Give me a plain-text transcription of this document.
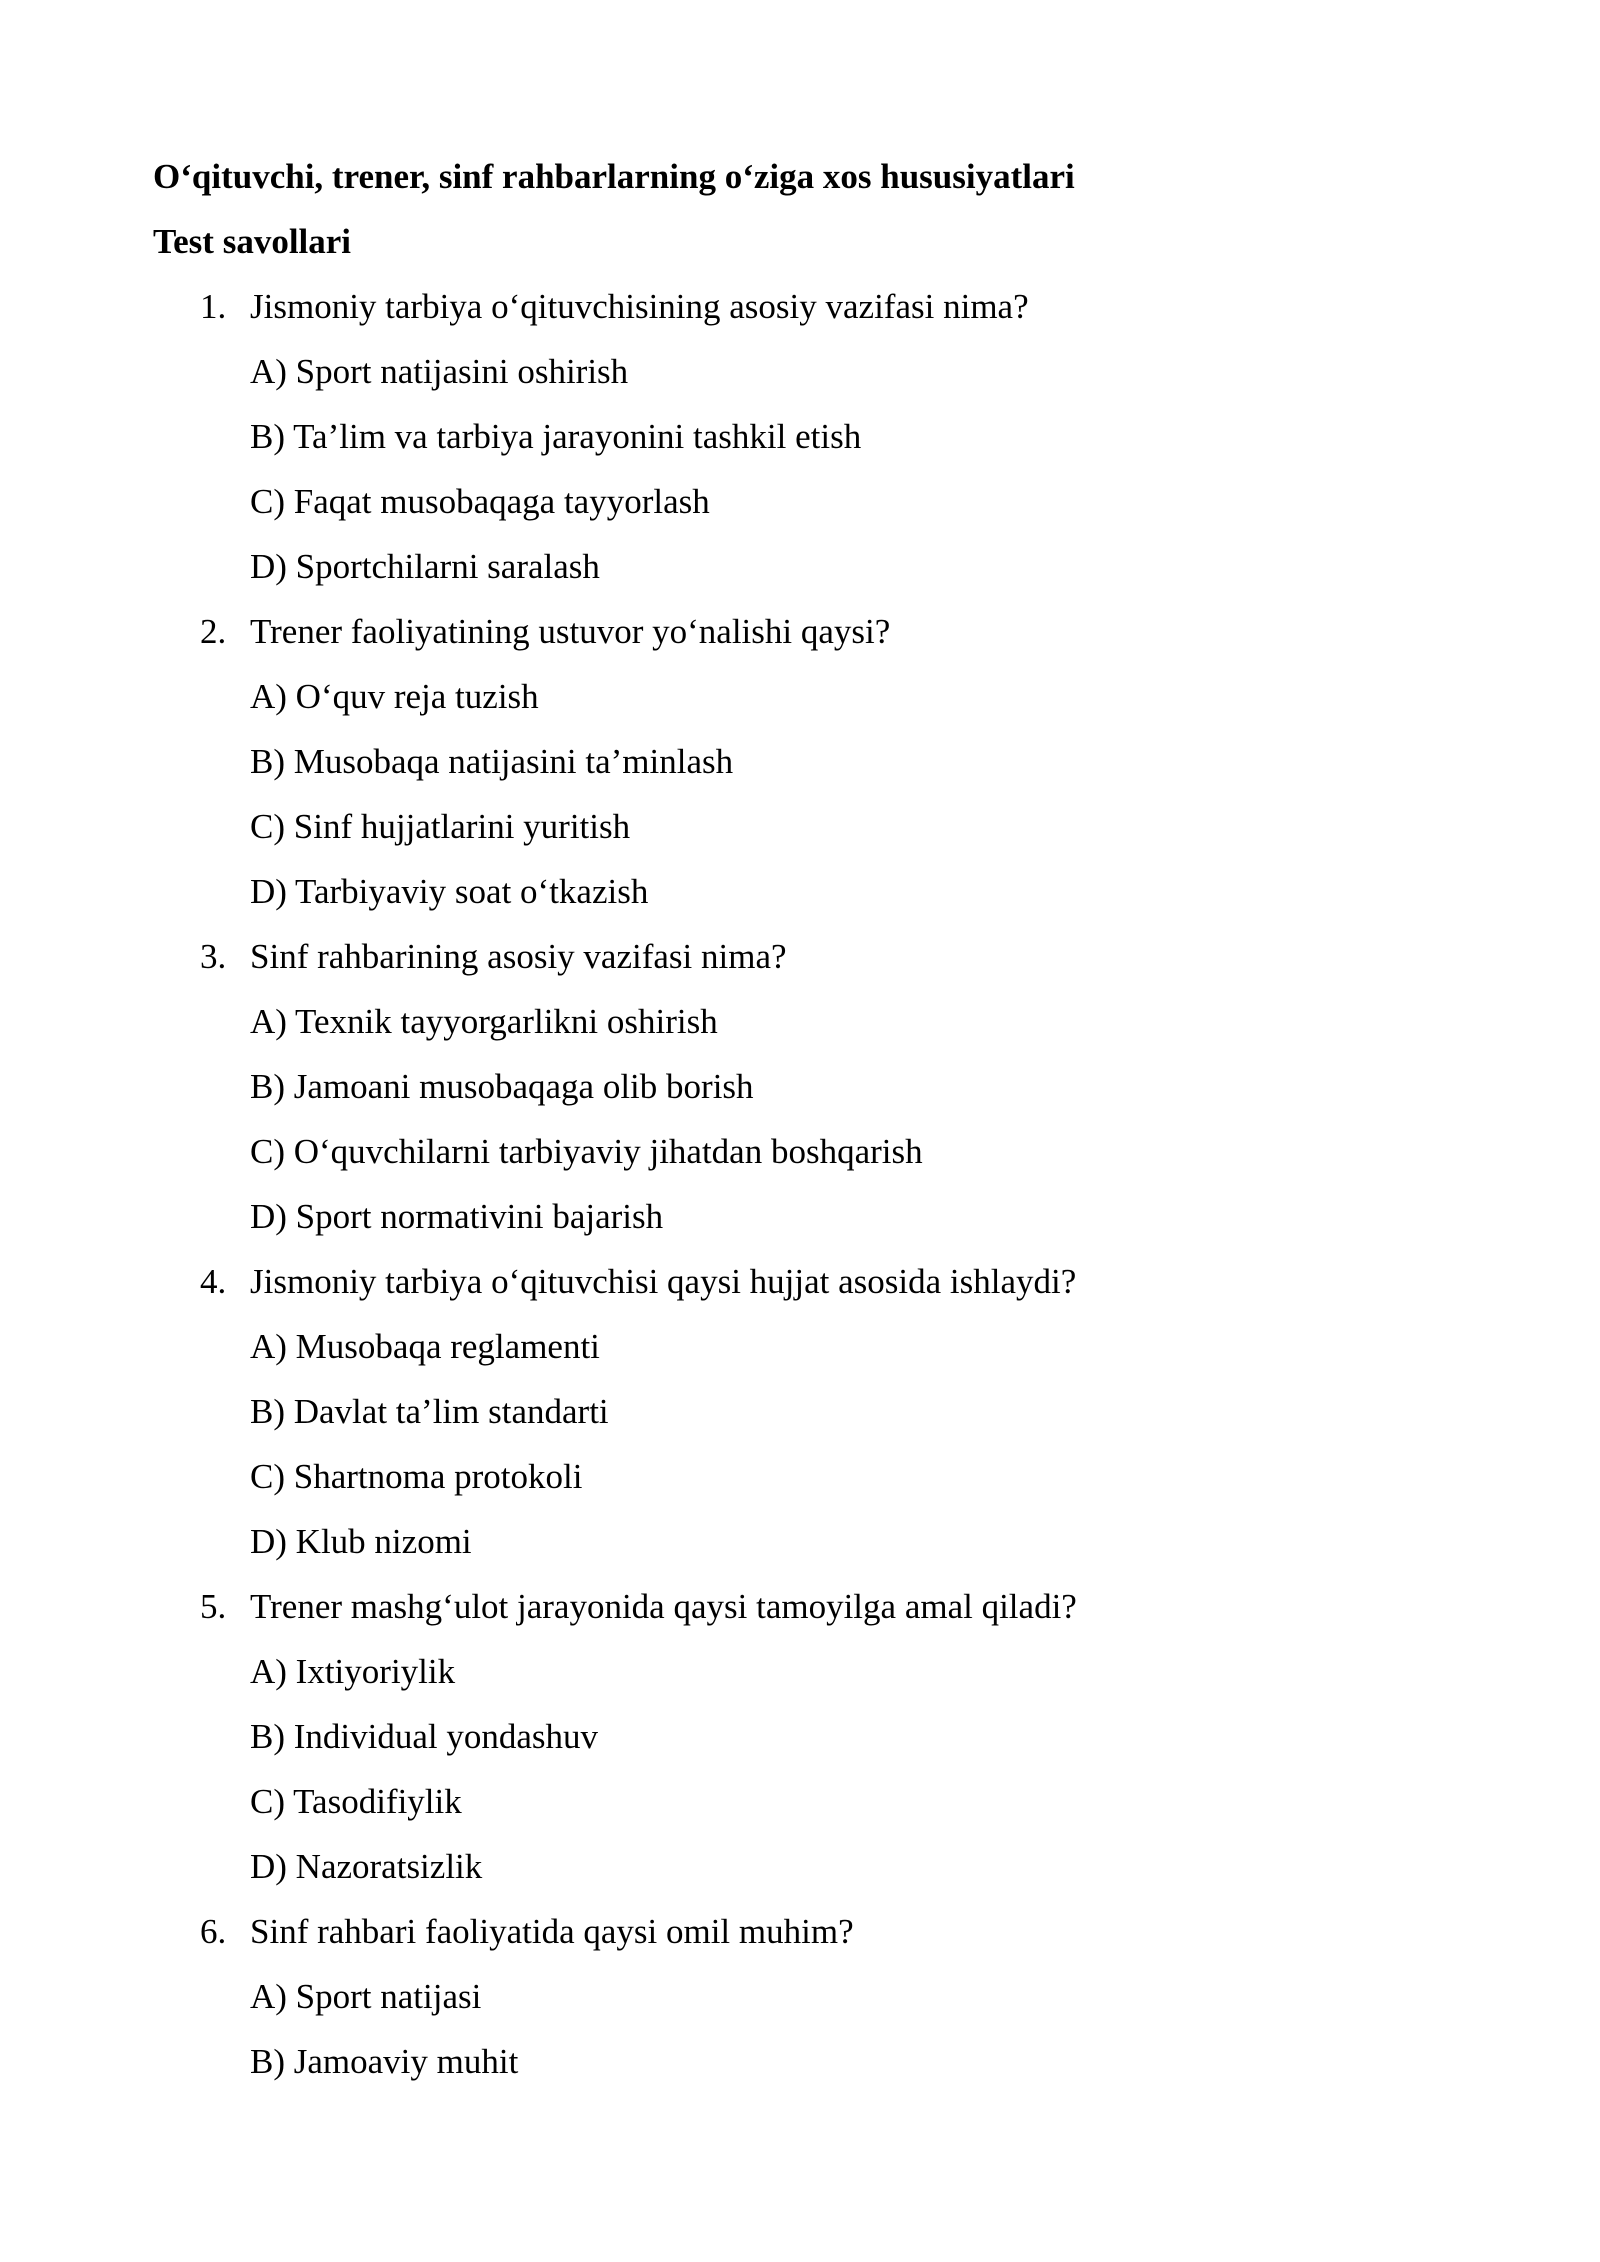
O‘qituvchi, trener, sinf rahbarlarning o‘ziga xos hususiyatlari
Test savollari
1. Jismoniy tarbiya o‘qituvchisining asosiy vazifasi nima?
A) Sport natijasini oshirish
B) Ta’lim va tarbiya jarayonini tashkil etish
C) Faqat musobaqaga tayyorlash
D) Sportchilarni saralash
2. Trener faoliyatining ustuvor yo‘nalishi qaysi?
A) O‘quv reja tuzish
B) Musobaqa natijasini ta’minlash
C) Sinf hujjatlarini yuritish
D) Tarbiyaviy soat o‘tkazish
3. Sinf rahbarining asosiy vazifasi nima?
A) Texnik tayyorgarlikni oshirish
B) Jamoani musobaqaga olib borish
C) O‘quvchilarni tarbiyaviy jihatdan boshqarish
D) Sport normativini bajarish
4. Jismoniy tarbiya o‘qituvchisi qaysi hujjat asosida ishlaydi?
A) Musobaqa reglamenti
B) Davlat ta’lim standarti
C) Shartnoma protokoli
D) Klub nizomi
5. Trener mashg‘ulot jarayonida qaysi tamoyilga amal qiladi?
A) Ixtiyoriylik
B) Individual yondashuv
C) Tasodifiylik
D) Nazoratsizlik
6. Sinf rahbari faoliyatida qaysi omil muhim?
A) Sport natijasi
B) Jamoaviy muhit
